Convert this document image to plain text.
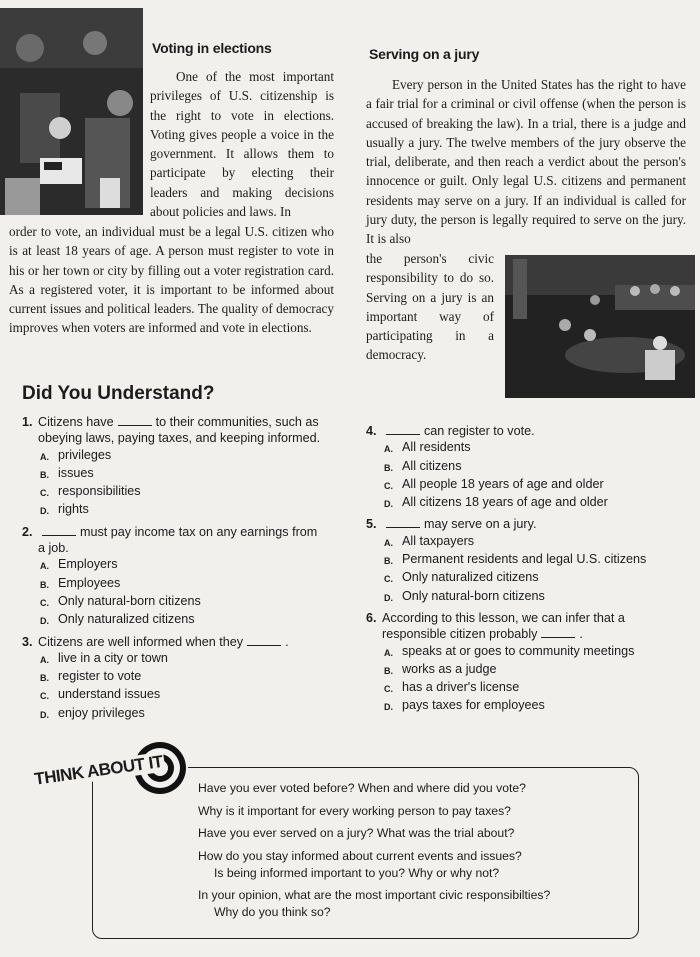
Voting in elections

One of the most important privileges of U.S. citizenship is the right to vote in elections. Voting gives people a voice in the government. It allows them to participate by electing their leaders and making decisions about policies and laws. In

order to vote, an individual must be a legal U.S. citizen who is at least 18 years of age. A person must register to vote in his or her town or city by filling out a voter registration card. As a registered voter, it is important to be informed about current issues and political leaders. The quality of democracy improves when voters are informed and vote in elections.

Serving on a jury

Every person in the United States has the right to have a fair trial for a criminal or civil offense (when the person is accused of breaking the law). In a trial, there is a judge and usually a jury. The twelve members of the jury observe the trial, deliberate, and then reach a verdict about the person's innocence or guilt. Only legal U.S. citizens and permanent residents may serve on a jury. If an individual is called for jury duty, the person is legally required to serve on the jury. It is also

the person's civic responsibility to do so. Serving on a jury is an important way of participating in a democracy.

Did You Understand?
1. Citizens have	to their communities, such as obeying laws, paying taxes, and keeping informed.
A. privileges
B. issues
C. responsibilities
D. rights
2.	must pay income tax on any earnings from a job.
A. Employers
B. Employees
C. Only natural-born citizens
D. Only naturalized citizens
3. Citizens are well informed when they	.
A. live in a city or town
B. register to vote
C. understand issues
D. enjoy privileges
4.	can register to vote.
A. All residents
B. All citizens
C. All people 18 years of age and older
D. All citizens 18 years of age and older
5.	may serve on a jury.
A. All taxpayers
B. Permanent residents and legal U.S. citizens
C. Only naturalized citizens
D. Only natural-born citizens
6. According to this lesson, we can infer that a responsible citizen probably	.
A. speaks at or goes to community meetings
B. works as a judge
C. has a driver's license
D. pays taxes for employees
THINK ABOUT IT	Have you ever voted before? When and where did you vote?
Why is it important for every working person to pay taxes?
Have you ever served on a jury? What was the trial about?
How do you stay informed about current events and issues?
Is being informed important to you? Why or why not?
In your opinion, what are the most important civic responsibilties?
Why do you think so?
